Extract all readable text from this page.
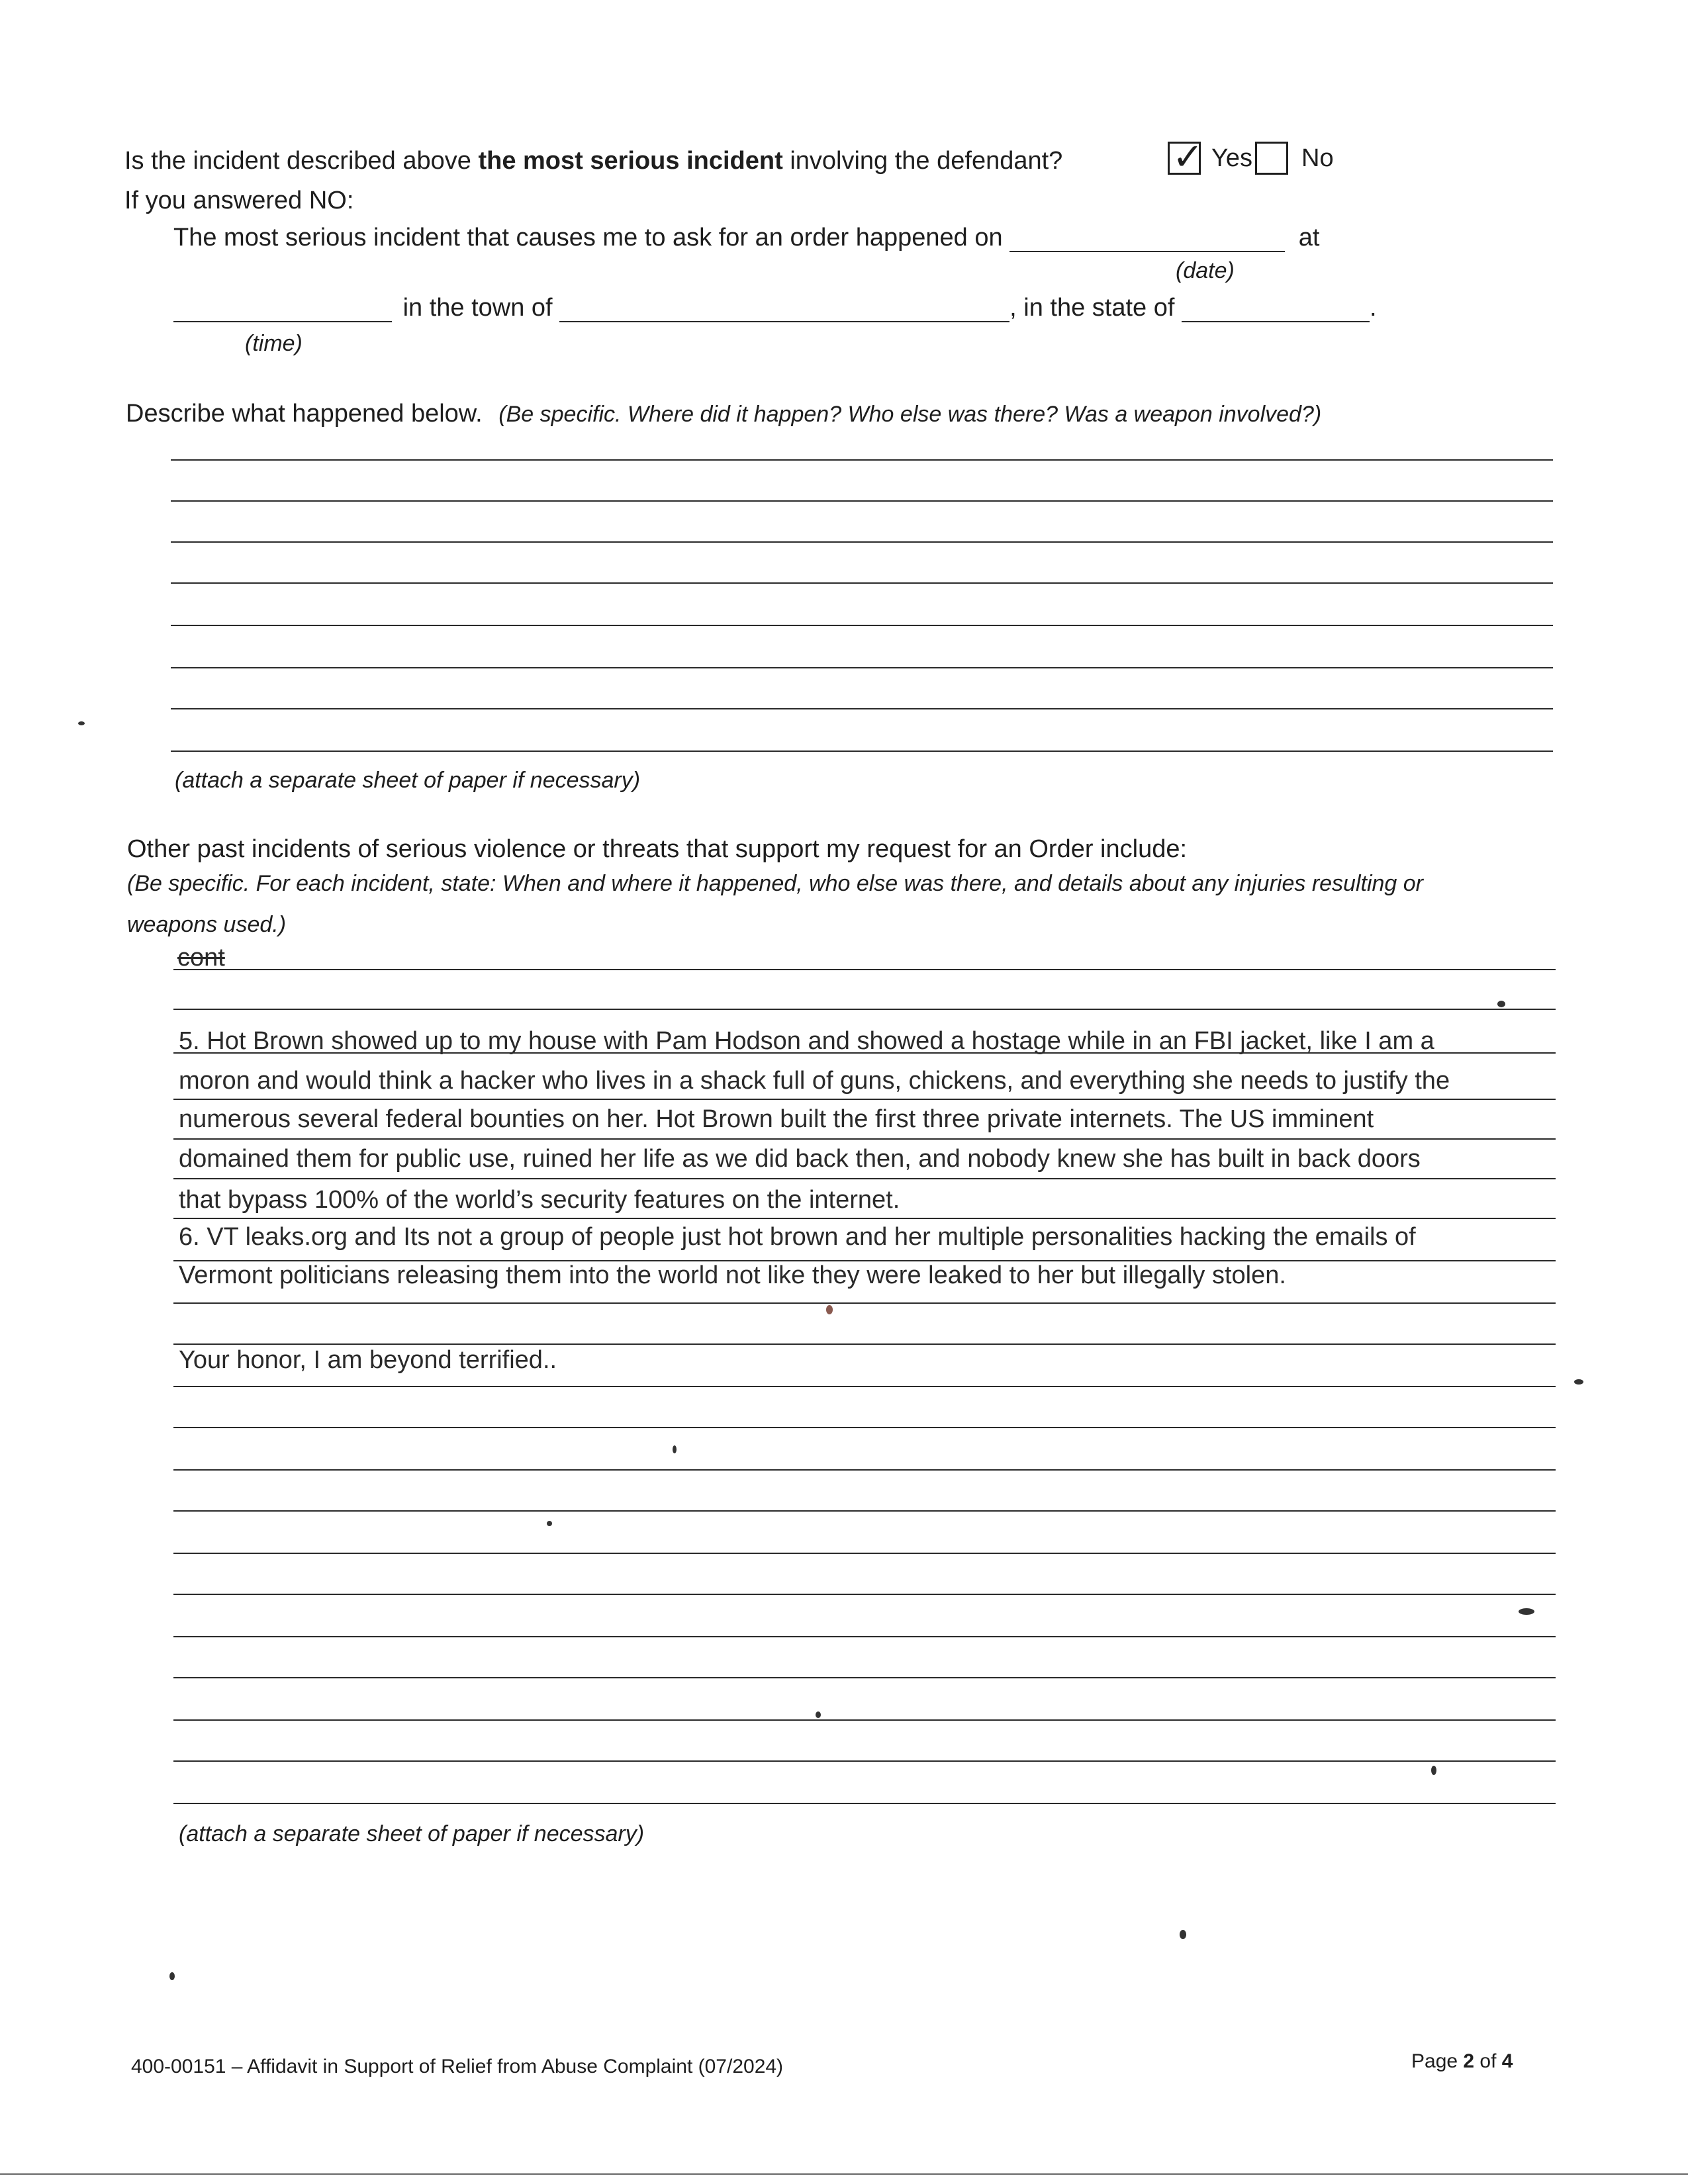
Is the incident described above the most serious incident involving the defendant?	✓ Yes No
If you answered NO:
The most serious incident that causes me to ask for an order happened on	at
(date)
in the town of	, in the state of	.
(time)
Describe what happened below. (Be specific. Where did it happen? Who else was there? Was a weapon involved?)
(attach a separate sheet of paper if necessary)
Other past incidents of serious violence or threats that support my request for an Order include:
(Be specific. For each incident, state: When and where it happened, who else was there, and details about any injuries resulting or
weapons used.)
cont
5. Hot Brown showed up to my house with Pam Hodson and showed a hostage while in an FBI jacket, like I am a
moron and would think a hacker who lives in a shack full of guns, chickens, and everything she needs to justify the
numerous several federal bounties on her. Hot Brown built the first three private internets. The US imminent
domained them for public use, ruined her life as we did back then, and nobody knew she has built in back doors
that bypass 100% of the world’s security features on the internet.
6. VT leaks.org and Its not a group of people just hot brown and her multiple personalities hacking the emails of
Vermont politicians releasing them into the world not like they were leaked to her but illegally stolen.
Your honor, I am beyond terrified..
(attach a separate sheet of paper if necessary)
400-00151 – Affidavit in Support of Relief from Abuse Complaint (07/2024)	Page 2 of 4
